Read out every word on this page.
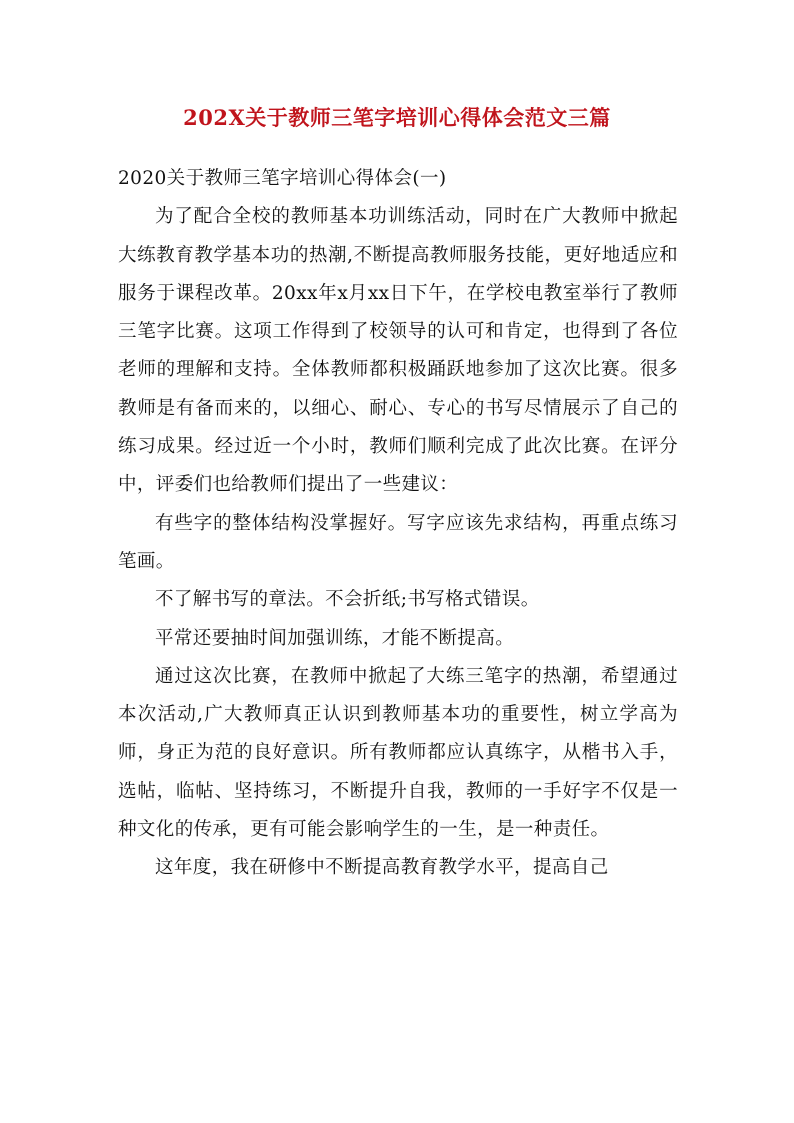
202X关于教师三笔字培训心得体会范文三篇

2020关于教师三笔字培训心得体会(一)

为了配合全校的教师基本功训练活动，同时在广大教师中掀起大练教育教学基本功的热潮,不断提高教师服务技能，更好地适应和服务于课程改革。20xx年x月xx日下午，在学校电教室举行了教师三笔字比赛。这项工作得到了校领导的认可和肯定，也得到了各位老师的理解和支持。全体教师都积极踊跃地参加了这次比赛。很多教师是有备而来的，以细心、耐心、专心的书写尽情展示了自己的练习成果。经过近一个小时，教师们顺利完成了此次比赛。在评分中，评委们也给教师们提出了一些建议：

有些字的整体结构没掌握好。写字应该先求结构，再重点练习笔画。

不了解书写的章法。不会折纸;书写格式错误。

平常还要抽时间加强训练，才能不断提高。

通过这次比赛，在教师中掀起了大练三笔字的热潮，希望通过本次活动,广大教师真正认识到教师基本功的重要性，树立学高为师，身正为范的良好意识。所有教师都应认真练字，从楷书入手，选帖，临帖、坚持练习，不断提升自我，教师的一手好字不仅是一种文化的传承，更有可能会影响学生的一生，是一种责任。

这年度，我在研修中不断提高教育教学水平，提高自己
